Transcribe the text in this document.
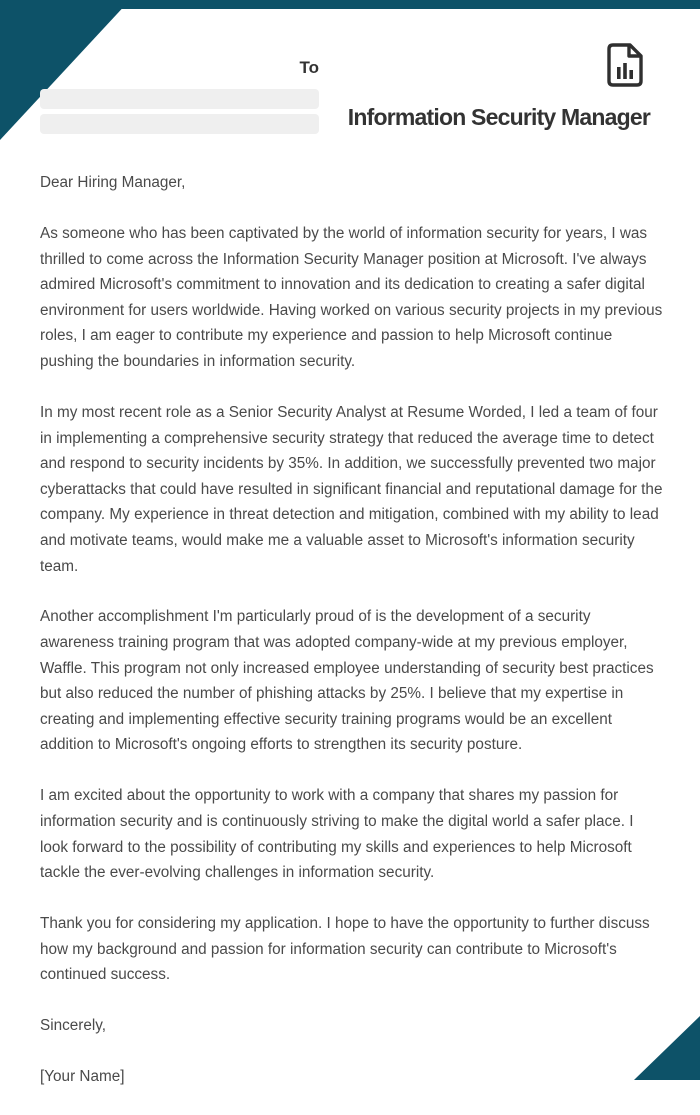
To
Information Security Manager

Dear Hiring Manager,

As someone who has been captivated by the world of information security for years, I was thrilled to come across the Information Security Manager position at Microsoft. I've always admired Microsoft's commitment to innovation and its dedication to creating a safer digital environment for users worldwide. Having worked on various security projects in my previous roles, I am eager to contribute my experience and passion to help Microsoft continue pushing the boundaries in information security.

In my most recent role as a Senior Security Analyst at Resume Worded, I led a team of four in implementing a comprehensive security strategy that reduced the average time to detect and respond to security incidents by 35%. In addition, we successfully prevented two major cyberattacks that could have resulted in significant financial and reputational damage for the company. My experience in threat detection and mitigation, combined with my ability to lead and motivate teams, would make me a valuable asset to Microsoft's information security team.

Another accomplishment I'm particularly proud of is the development of a security awareness training program that was adopted company-wide at my previous employer, Waffle. This program not only increased employee understanding of security best practices but also reduced the number of phishing attacks by 25%. I believe that my expertise in creating and implementing effective security training programs would be an excellent addition to Microsoft's ongoing efforts to strengthen its security posture.

I am excited about the opportunity to work with a company that shares my passion for information security and is continuously striving to make the digital world a safer place. I look forward to the possibility of contributing my skills and experiences to help Microsoft tackle the ever-evolving challenges in information security.

Thank you for considering my application. I hope to have the opportunity to further discuss how my background and passion for information security can contribute to Microsoft's continued success.

Sincerely,

[Your Name]
